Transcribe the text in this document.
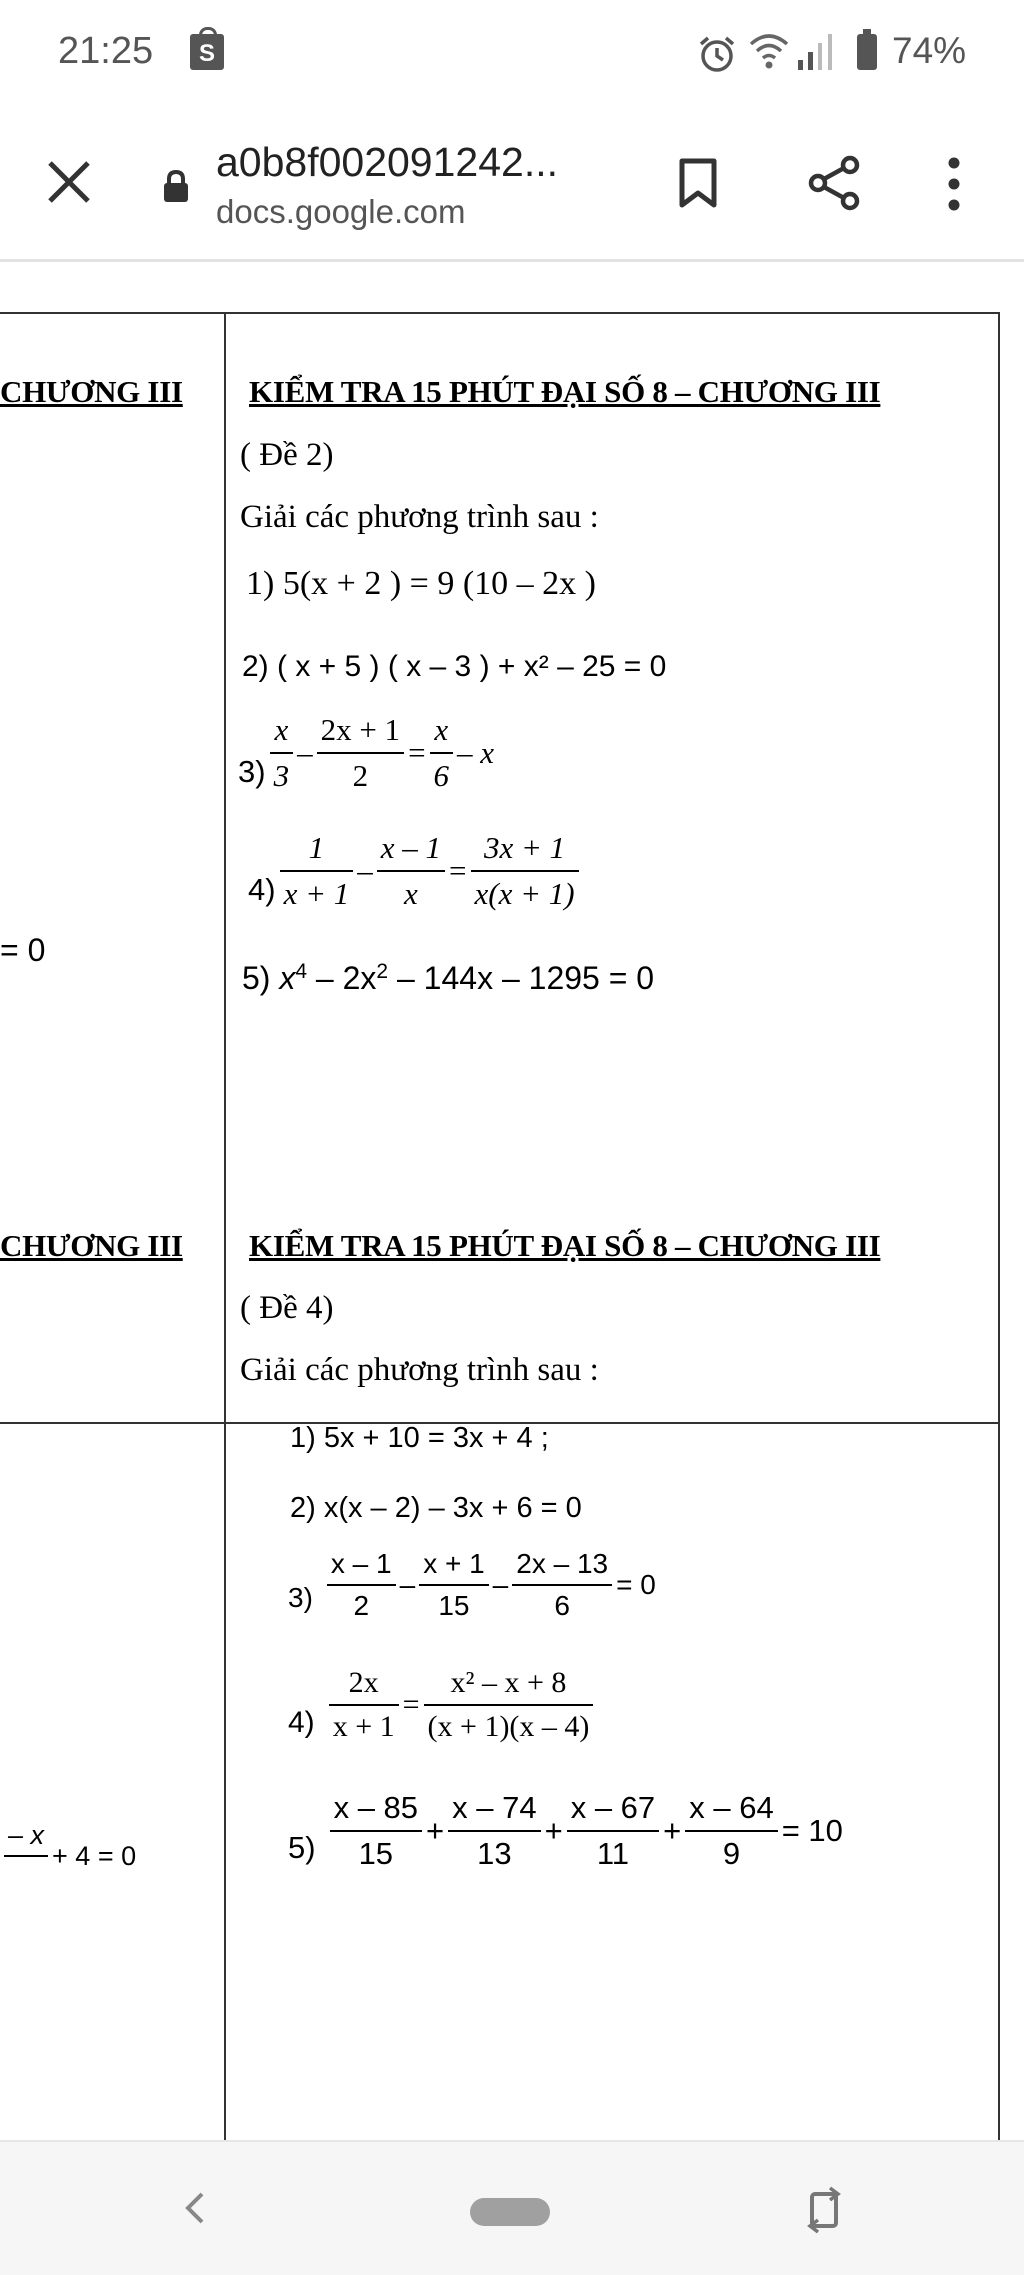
21:25	S	74%
a0b8f002091242...
docs.google.com
CHƯƠNG III
= 0
CHƯƠNG III
– x

+ 4 = 0
KIỂM TRA 15 PHÚT ĐẠI SỐ 8 – CHƯƠNG III
( Đề 2)
Giải các phương trình sau :
1) 5(x + 2 ) = 9 (10 – 2x )
2) ( x + 5 ) ( x – 3 ) + x² – 25 = 0
$3) \frac{x}{3} - \frac{2x + 1}{2} = \frac{x}{6} - x$
$4) \frac{1}{x + 1} - \frac{x - 1}{x} = \frac{3x + 1}{x(x + 1)}$
5)
$x^4 - 2x^2 - 144x - 1295 = 0$
KIỂM TRA 15 PHÚT ĐẠI SỐ 8 – CHƯƠNG III
( Đề 4)
Giải các phương trình sau :
1) 5x + 10 = 3x + 4 ;
2) x(x – 2) – 3x + 6 = 0
$3) \frac{x - 1}{2} - \frac{x + 1}{15} - \frac{2x - 13}{6} = 0$
$4) \frac{2x}{x + 1} = \frac{\text{x² – x + 8}}{(x + 1)(x - 4)}$
$5) \frac{x - 85}{15} + \frac{x - 74}{13} + \frac{x - 67}{11} + \frac{x - 64}{9} = 10$
